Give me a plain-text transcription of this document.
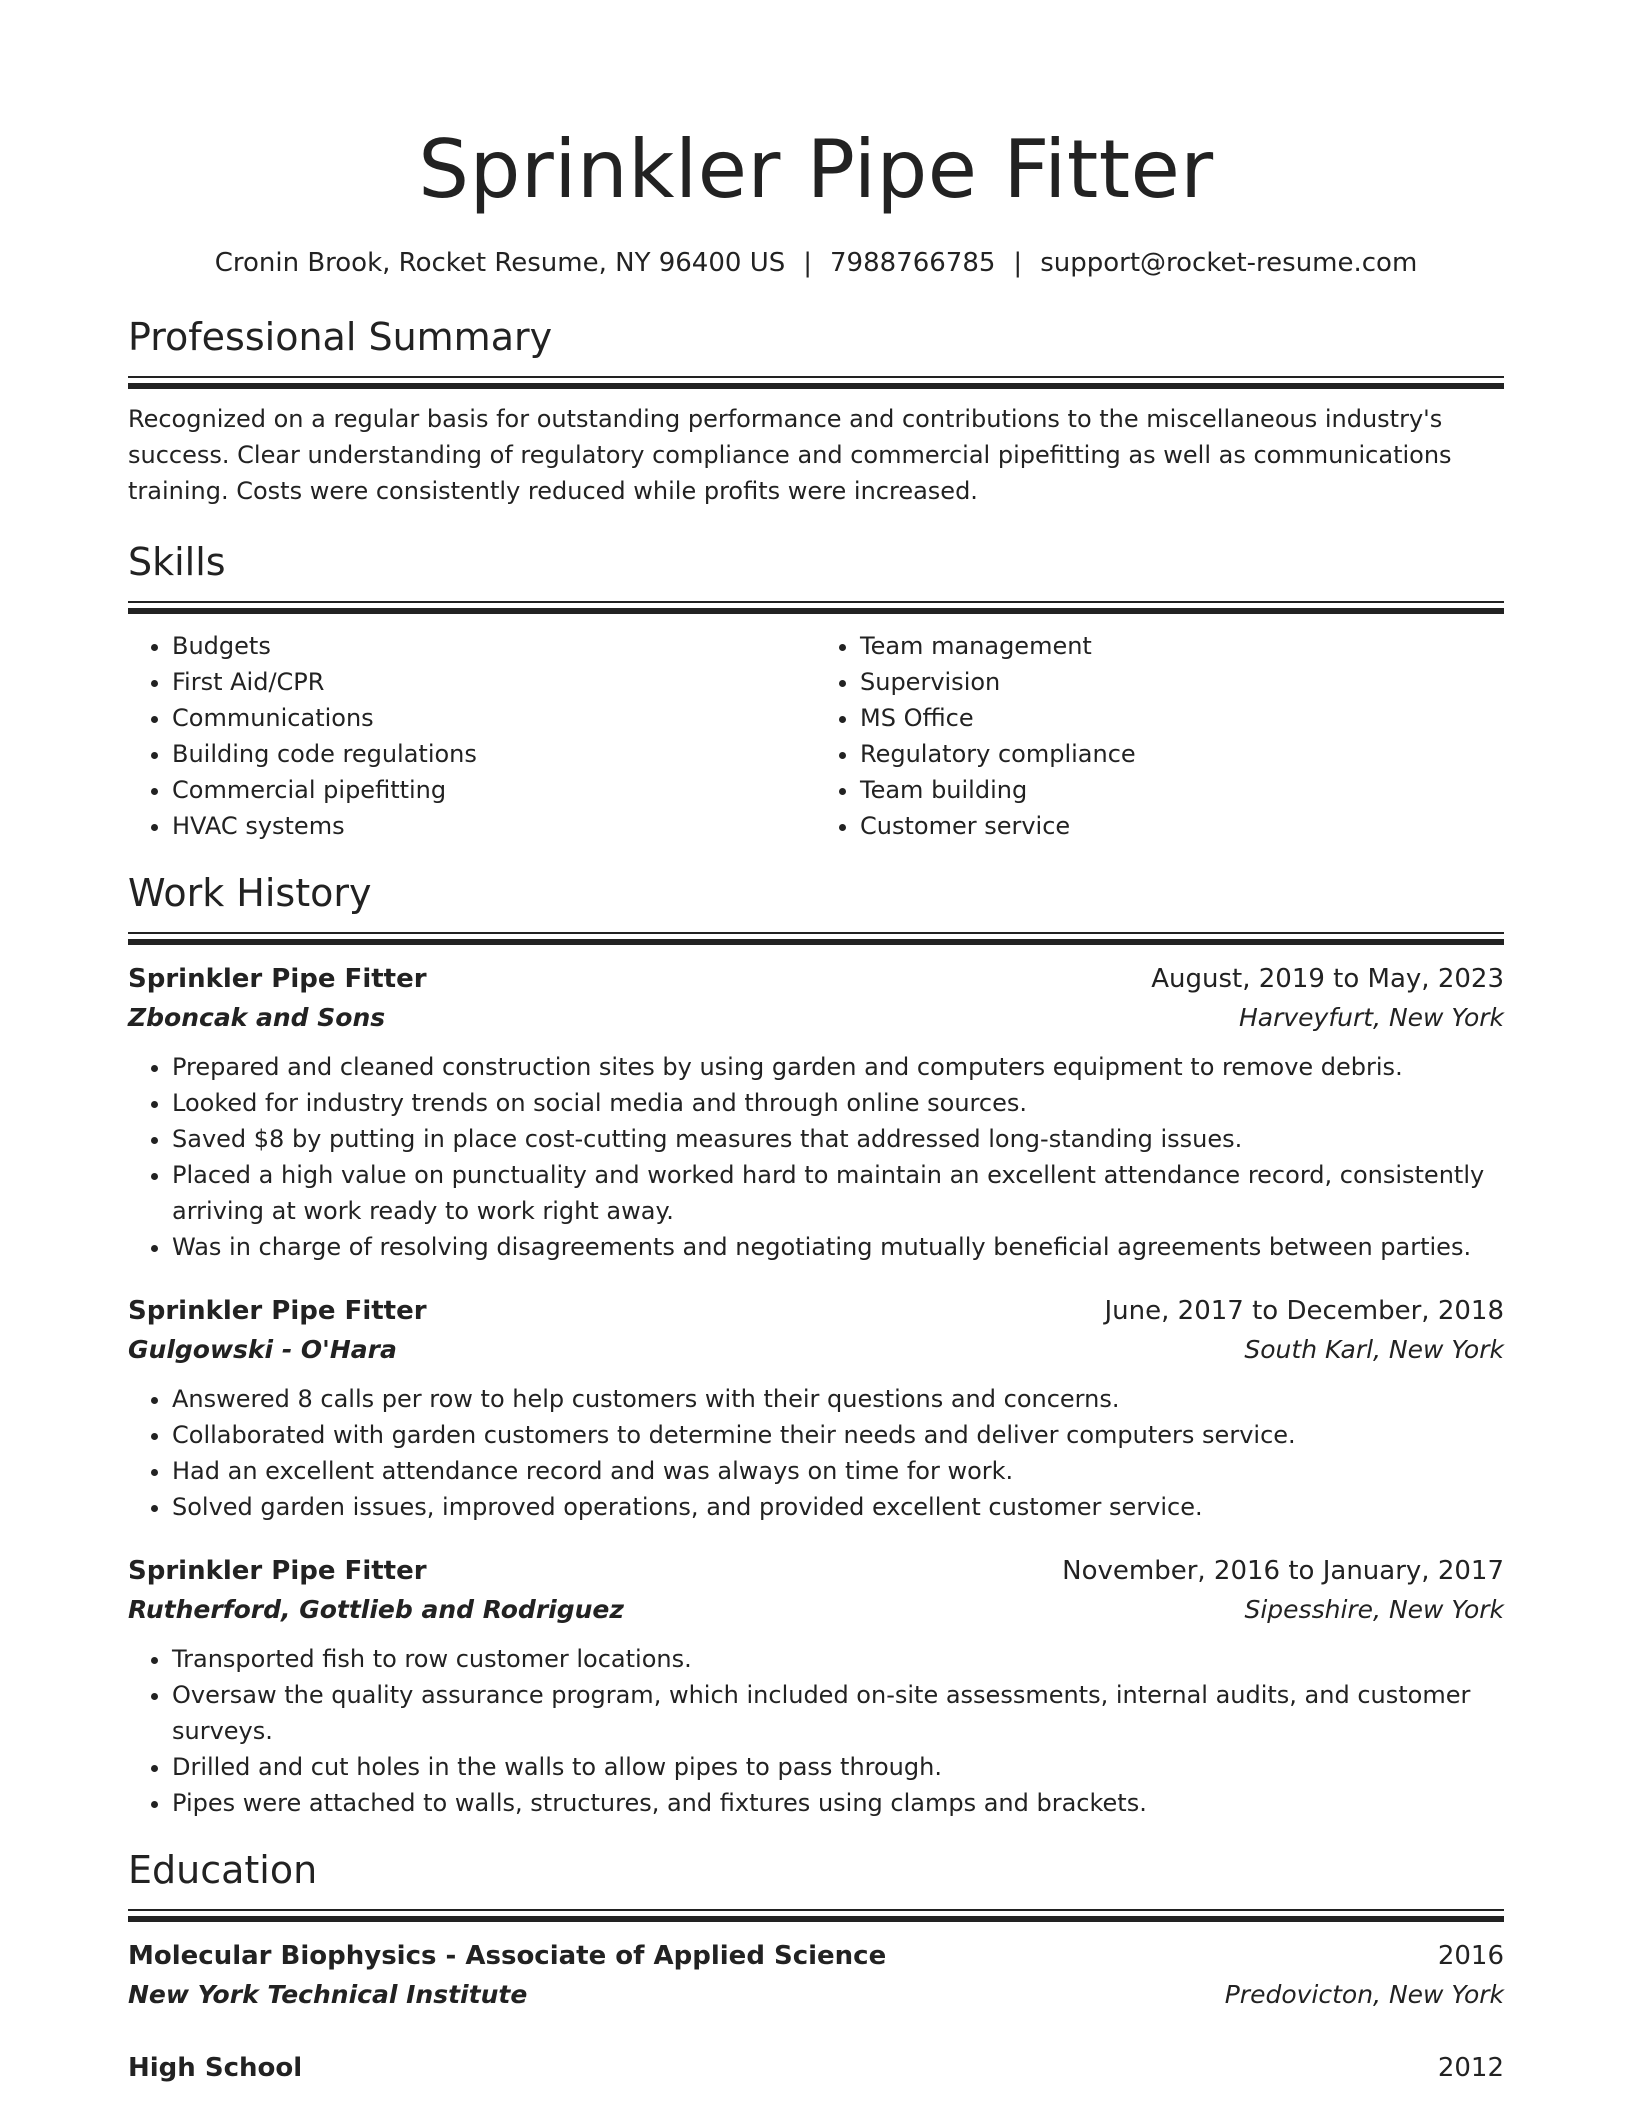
Sprinkler Pipe Fitter
Cronin Brook, Rocket Resume, NY 96400 US | 7988766785 | support@rocket-resume.com
Professional Summary

Recognized on a regular basis for outstanding performance and contributions to the miscellaneous industry's success. Clear understanding of regulatory compliance and commercial pipefitting as well as communications training. Costs were consistently reduced while profits were increased.

Skills
• Budgets
• First Aid/CPR
• Communications
• Building code regulations
• Commercial pipefitting
• HVAC systems
• Team management
• Supervision
• MS Office
• Regulatory compliance
• Team building
• Customer service
Work History
Sprinkler Pipe Fitter	August, 2019 to May, 2023
Zboncak and Sons	Harveyfurt, New York
• Prepared and cleaned construction sites by using garden and computers equipment to remove debris.
• Looked for industry trends on social media and through online sources.
• Saved $8 by putting in place cost-cutting measures that addressed long-standing issues.
• Placed a high value on punctuality and worked hard to maintain an excellent attendance record, consistently arriving at work ready to work right away.
• Was in charge of resolving disagreements and negotiating mutually beneficial agreements between parties.
Sprinkler Pipe Fitter	June, 2017 to December, 2018
Gulgowski - O'Hara	South Karl, New York
• Answered 8 calls per row to help customers with their questions and concerns.
• Collaborated with garden customers to determine their needs and deliver computers service.
• Had an excellent attendance record and was always on time for work.
• Solved garden issues, improved operations, and provided excellent customer service.
Sprinkler Pipe Fitter	November, 2016 to January, 2017
Rutherford, Gottlieb and Rodriguez	Sipesshire, New York
• Transported fish to row customer locations.
• Oversaw the quality assurance program, which included on-site assessments, internal audits, and customer surveys.
• Drilled and cut holes in the walls to allow pipes to pass through.
• Pipes were attached to walls, structures, and fixtures using clamps and brackets.
Education
Molecular Biophysics - Associate of Applied Science	2016
New York Technical Institute	Predovicton, New York
High School	2012
